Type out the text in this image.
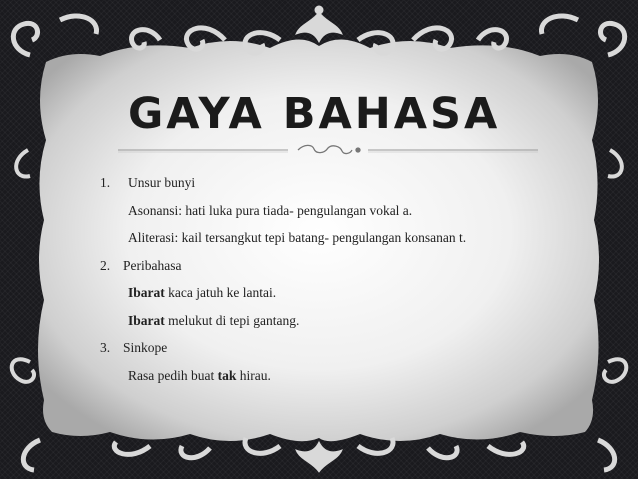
GAYA BAHASA
1. Unsur bunyi
Asonansi: hati luka pura tiada- pengulangan vokal a.
Aliterasi: kail tersangkut tepi batang- pengulangan konsanan t.
2. Peribahasa
Ibarat kaca jatuh ke lantai.
Ibarat melukut di tepi gantang.
3. Sinkope
Rasa pedih buat tak hirau.
